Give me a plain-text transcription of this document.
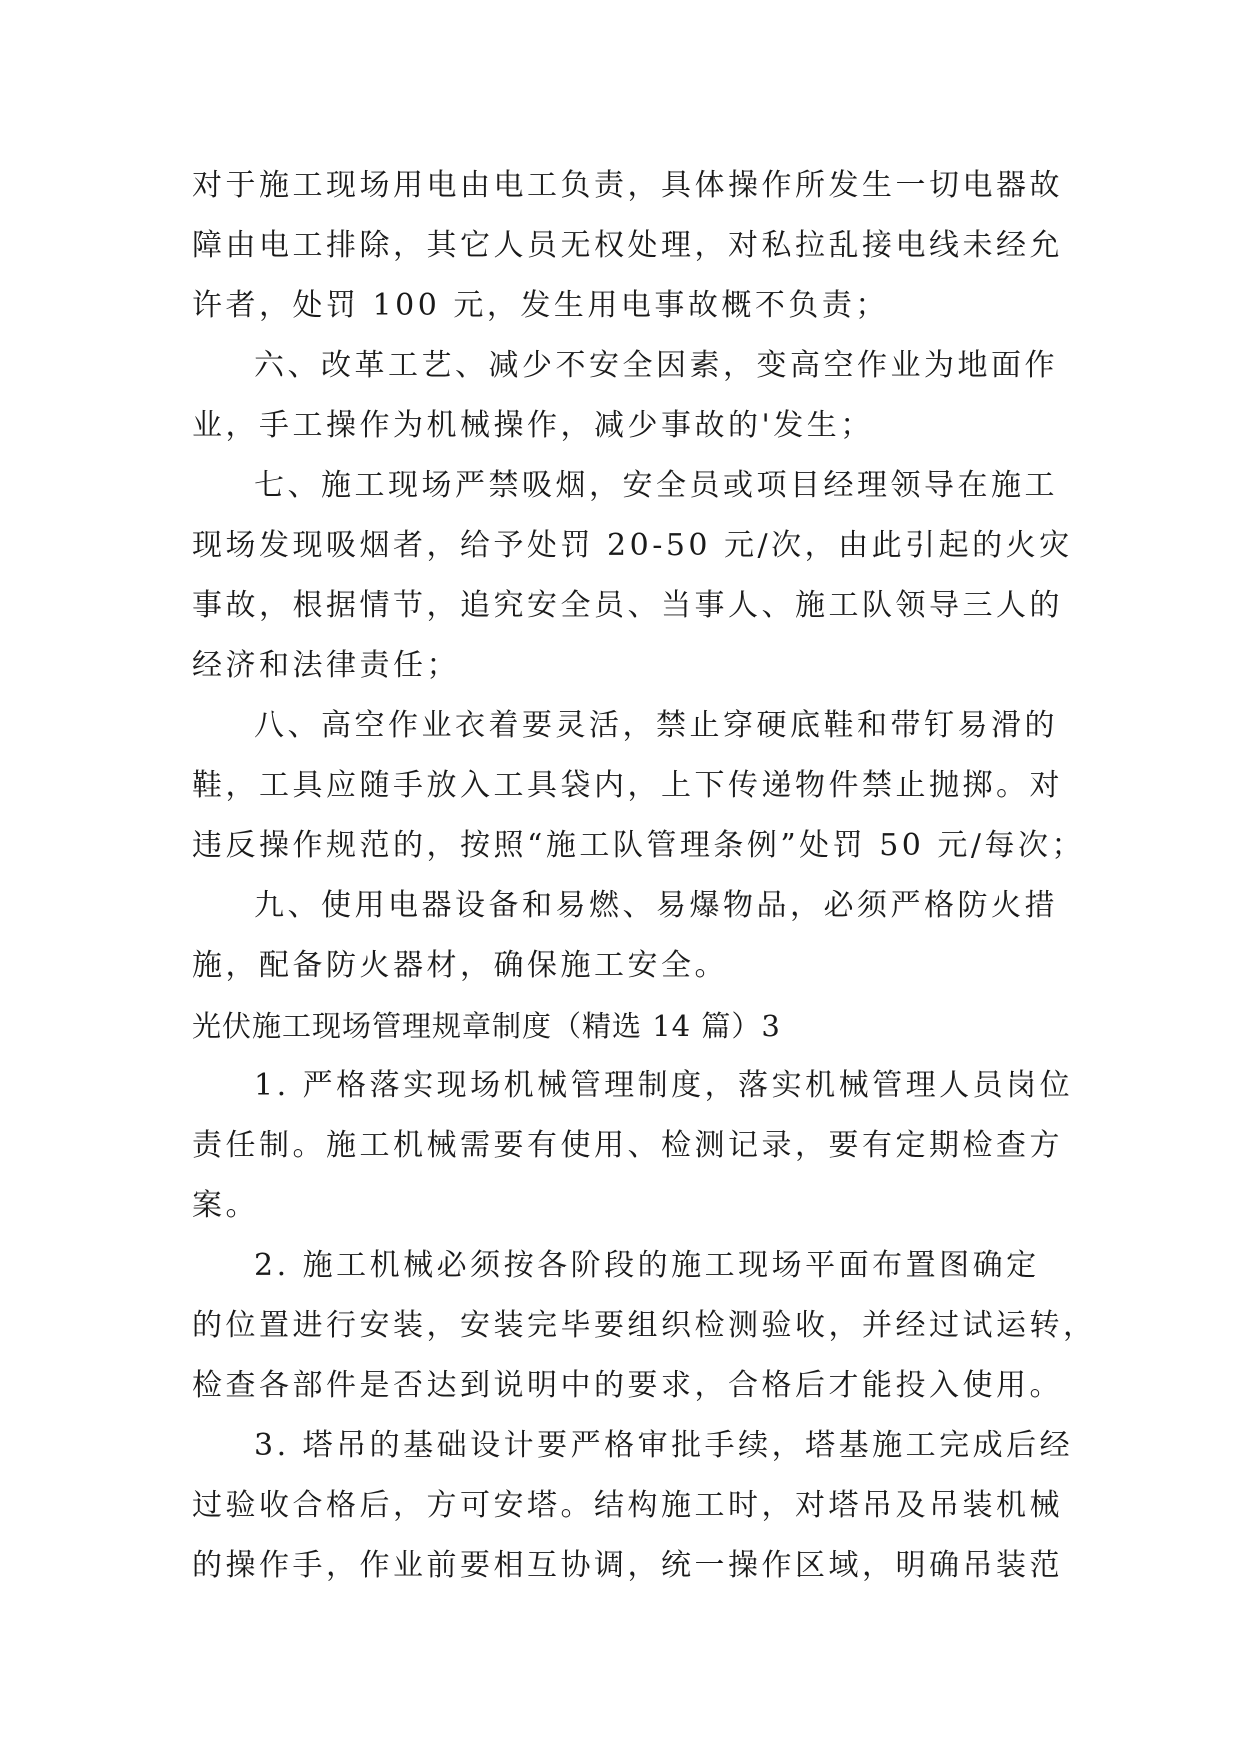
对于施工现场用电由电工负责，具体操作所发生一切电器故
障由电工排除，其它人员无权处理，对私拉乱接电线未经允
许者，处罚 100 元，发生用电事故概不负责；
六、改革工艺、减少不安全因素，变高空作业为地面作
业，手工操作为机械操作，减少事故的'发生；
七、施工现场严禁吸烟，安全员或项目经理领导在施工
现场发现吸烟者，给予处罚 20-50 元/次，由此引起的火灾
事故，根据情节，追究安全员、当事人、施工队领导三人的
经济和法律责任；
八、高空作业衣着要灵活，禁止穿硬底鞋和带钉易滑的
鞋，工具应随手放入工具袋内，上下传递物件禁止抛掷。对
违反操作规范的，按照“施工队管理条例”处罚 50 元/每次；
九、使用电器设备和易燃、易爆物品，必须严格防火措
施，配备防火器材，确保施工安全。
光伏施工现场管理规章制度（精选 14 篇）3
1. 严格落实现场机械管理制度，落实机械管理人员岗位
责任制。施工机械需要有使用、检测记录，要有定期检查方
案。
2. 施工机械必须按各阶段的施工现场平面布置图确定
的位置进行安装，安装完毕要组织检测验收，并经过试运转，
检查各部件是否达到说明中的要求，合格后才能投入使用。
3. 塔吊的基础设计要严格审批手续，塔基施工完成后经
过验收合格后，方可安塔。结构施工时，对塔吊及吊装机械
的操作手，作业前要相互协调，统一操作区域，明确吊装范
